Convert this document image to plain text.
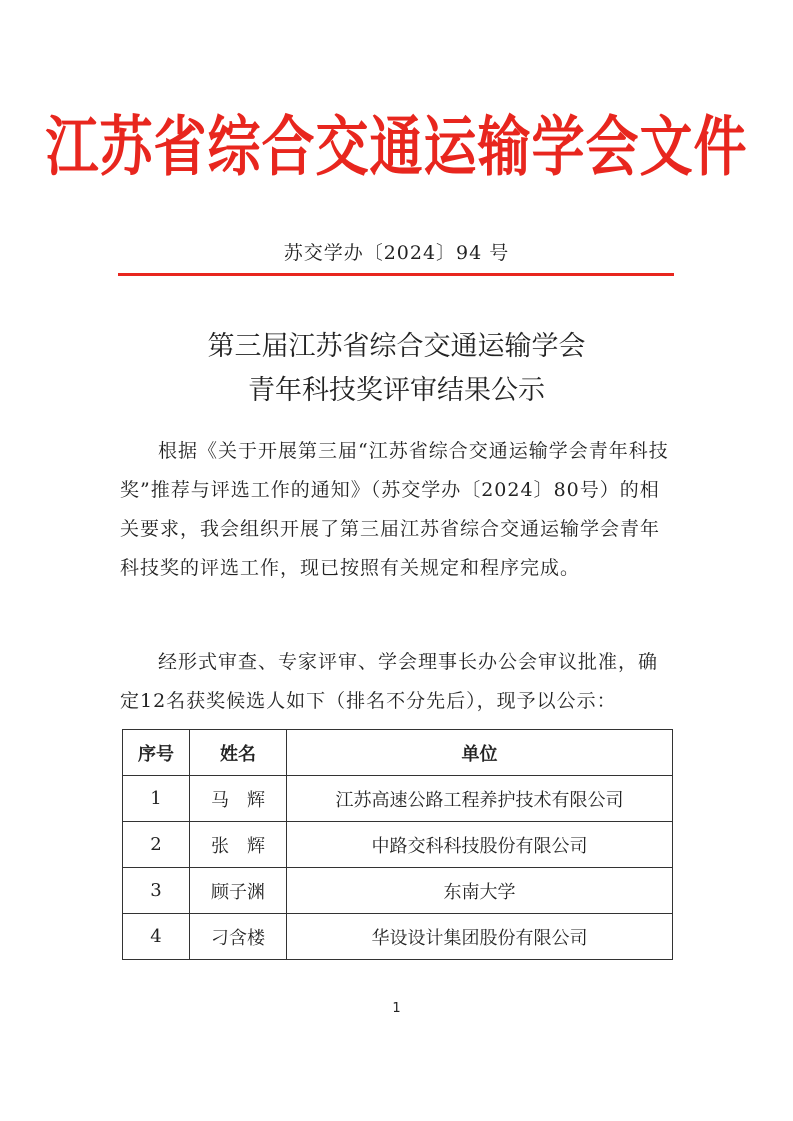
江苏省综合交通运输学会文件
苏交学办〔2024〕94 号
第三届江苏省综合交通运输学会
青年科技奖评审结果公示
根据《关于开展第三届“江苏省综合交通运输学会青年科技奖”推荐与评选工作的通知》（苏交学办〔2024〕80号）的相关要求，我会组织开展了第三届江苏省综合交通运输学会青年科技奖的评选工作，现已按照有关规定和程序完成。
经形式审查、专家评审、学会理事长办公会审议批准，确定12名获奖候选人如下（排名不分先后），现予以公示：
序号	姓名	单位
1	马　辉	江苏高速公路工程养护技术有限公司
2	张　辉	中路交科科技股份有限公司
3	顾子渊	东南大学
4	刁含楼	华设设计集团股份有限公司
1
